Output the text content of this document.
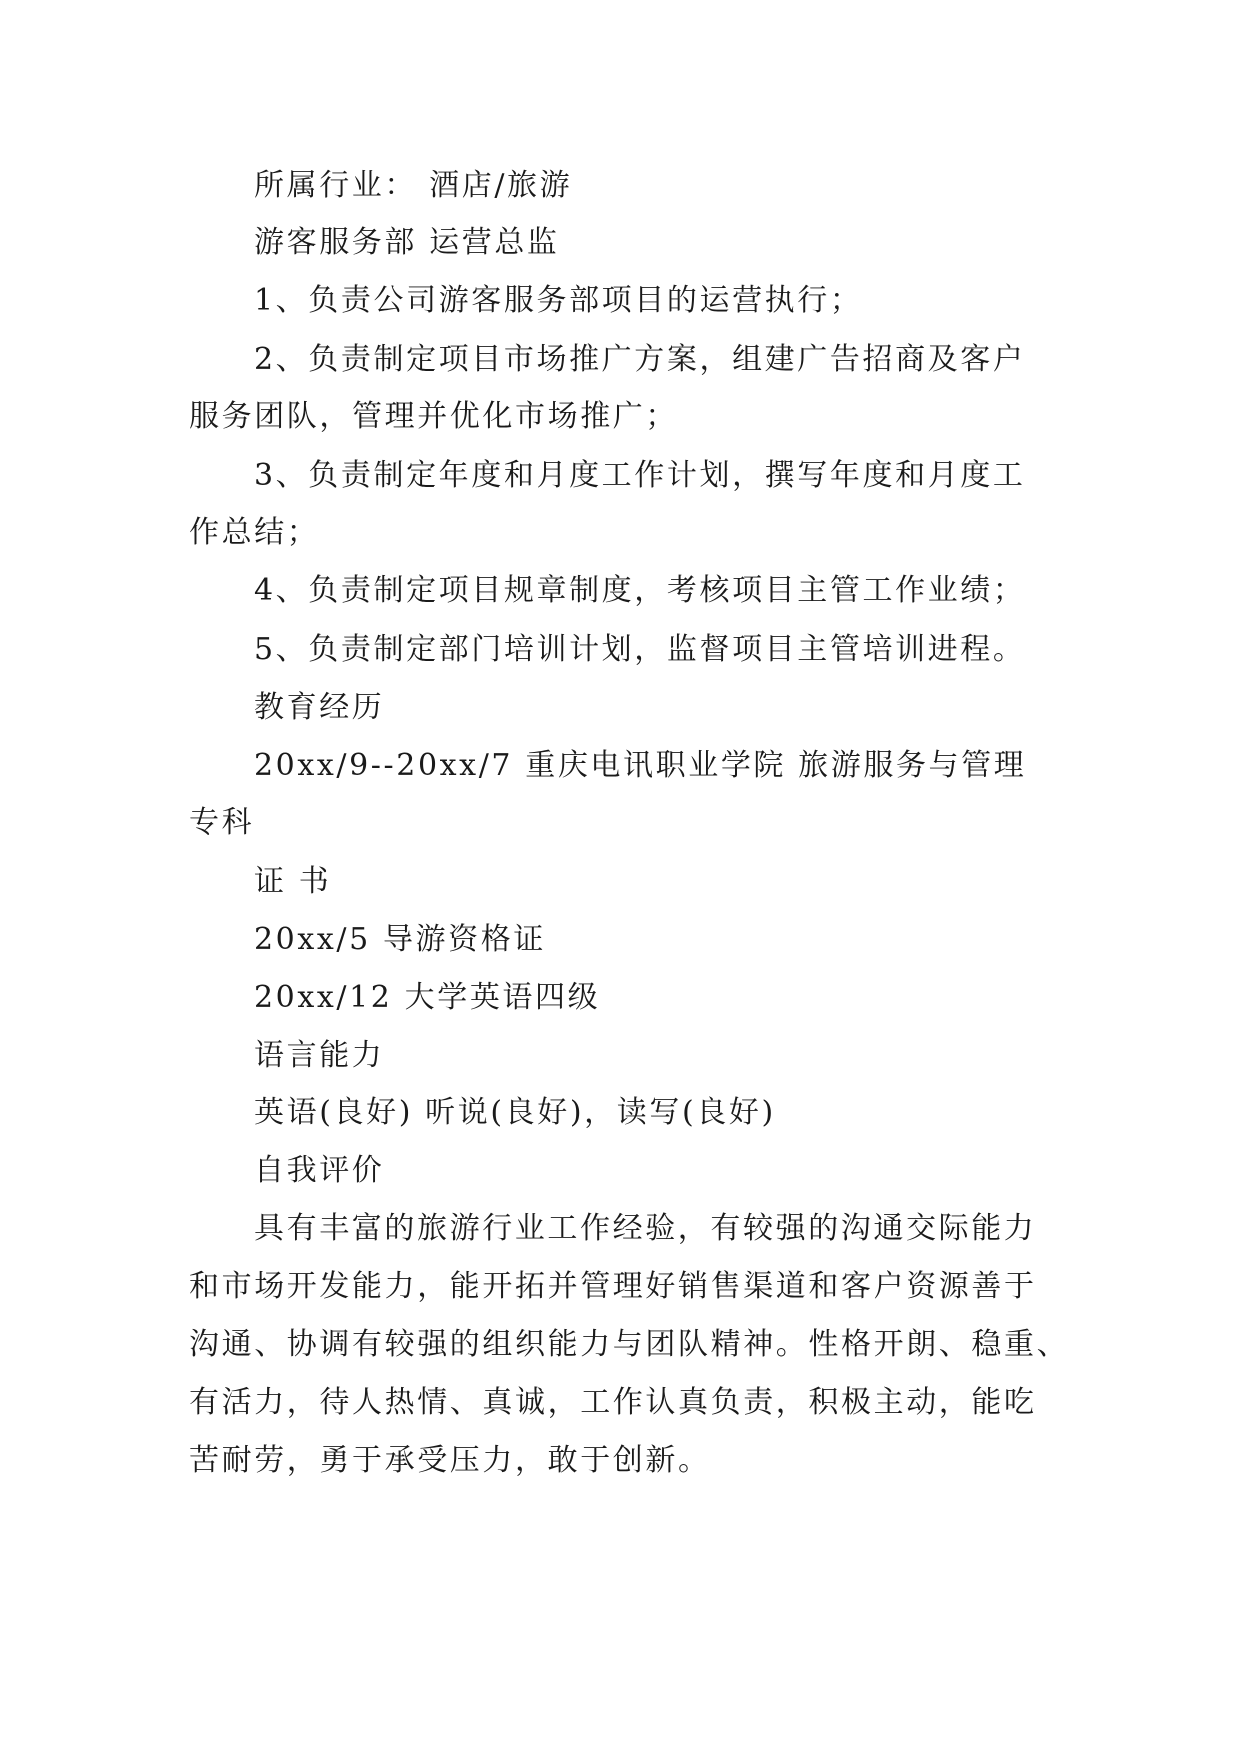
所属行业： 酒店/旅游
游客服务部 运营总监
1、负责公司游客服务部项目的运营执行；
2、负责制定项目市场推广方案，组建广告招商及客户
服务团队，管理并优化市场推广；
3、负责制定年度和月度工作计划，撰写年度和月度工
作总结；
4、负责制定项目规章制度，考核项目主管工作业绩；
5、负责制定部门培训计划，监督项目主管培训进程。
教育经历
20xx/9--20xx/7 重庆电讯职业学院 旅游服务与管理
专科
证 书
20xx/5 导游资格证
20xx/12 大学英语四级
语言能力
英语(良好) 听说(良好)，读写(良好)
自我评价
具有丰富的旅游行业工作经验，有较强的沟通交际能力
和市场开发能力，能开拓并管理好销售渠道和客户资源善于
沟通、协调有较强的组织能力与团队精神。性格开朗、稳重、
有活力，待人热情、真诚，工作认真负责，积极主动，能吃
苦耐劳，勇于承受压力，敢于创新。
